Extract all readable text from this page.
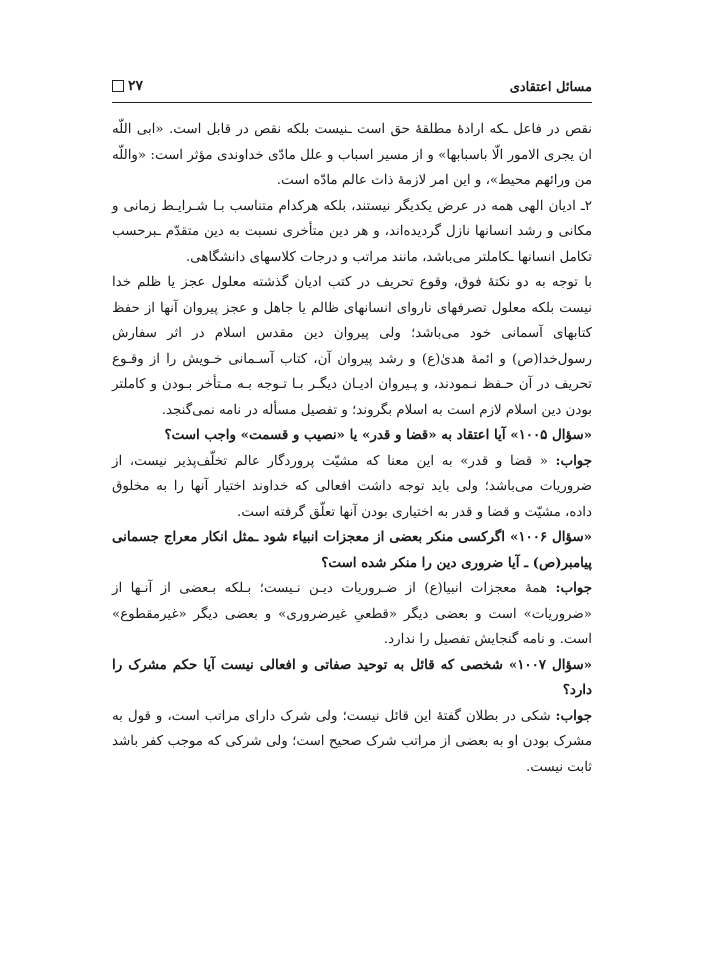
مسائل اعتقادی
۲۷

نقص در فاعل ـکه ارادهٔ مطلقهٔ حق است ـنیست بلکه نقص در قابل است. «ابی اللّه ان یجری الامور الّا باسبابها» و از مسیر اسباب و علل مادّی خداوندی مؤثر است: «واللّه من ورائهم محیط»، و این امر لازمهٔ ذات عالم مادّه است.

۲ـ ادیان الهی همه در عرض یکدیگر نیستند، بلکه هرکدام متناسب بـا شـرایـط زمانی و مکانی و رشد انسانها نازل گردیده‌اند، و هر دین متأخری نسبت به دین متقدّم ـبرحسب تکامل انسانها ـکاملتر می‌باشد، مانند مراتب و درجات کلاسهای دانشگاهی.

با توجه به دو نکتهٔ فوق، وقوع تحریف در کتب ادیان گذشته معلول عجز یا ظلم خدا نیست بلکه معلول تصرفهای ناروای انسانهای ظالم یا جاهل و عجز پیروان آنها از حفظ کتابهای آسمانی خود می‌باشد؛ ولی پیروان دین مقدس اسلام در اثر سفارش رسول‌خدا(ص) و ائمهٔ هدیٰ(ع) و رشد پیروان آن، کتاب آسـمانی خـویش را از وقـوع تحریف در آن حـفظ نـمودند، و پـیروان ادیـان دیگـر بـا تـوجه بـه مـتأخر بـودن و کاملتر بودن دین اسلام لازم است به اسلام بگروند؛ و تفصیل مسأله در نامه نمی‌گنجد.

«سؤال ۱۰۰۵» آیا اعتقاد به «قضا و قدر» یا «نصیب و قسمت» واجب است؟

جواب: « قضا و قدر» به این معنا که مشیّت پروردگار عالم تخلّف‌پذیر نیست، از ضروریات می‌باشد؛ ولی باید توجه داشت افعالی که خداوند اختیار آنها را به مخلوق داده، مشیّت و قضا و قدر به اختیاری بودن آنها تعلّق گرفته است.

«سؤال ۱۰۰۶» اگرکسی منکر بعضی از معجزات انبیاء شود ـمثل انکار معراج جسمانی پیامبر(ص) ـ آیا ضروری دین را منکر شده است؟

جواب: همهٔ معجزات انبیا(ع) از ضـروریات دیـن نـیست؛ بـلکه بـعضی از آنـها از «ضروریات» است و بعضی دیگر «قطعیِ غیرضروری» و بعضی دیگر «غیرمقطوع» است. و نامه گنجایش تفصیل را ندارد.

«سؤال ۱۰۰۷» شخصی که قائل به توحید صفاتی و افعالی نیست آیا حکم مشرک را دارد؟

جواب: شکی در بطلان گفتهٔ این قائل نیست؛ ولی شرک دارای مراتب است، و قول به مشرک بودن او به بعضی از مراتب شرک صحیح است؛ ولی شرکی که موجب کفر باشد ثابت نیست.
